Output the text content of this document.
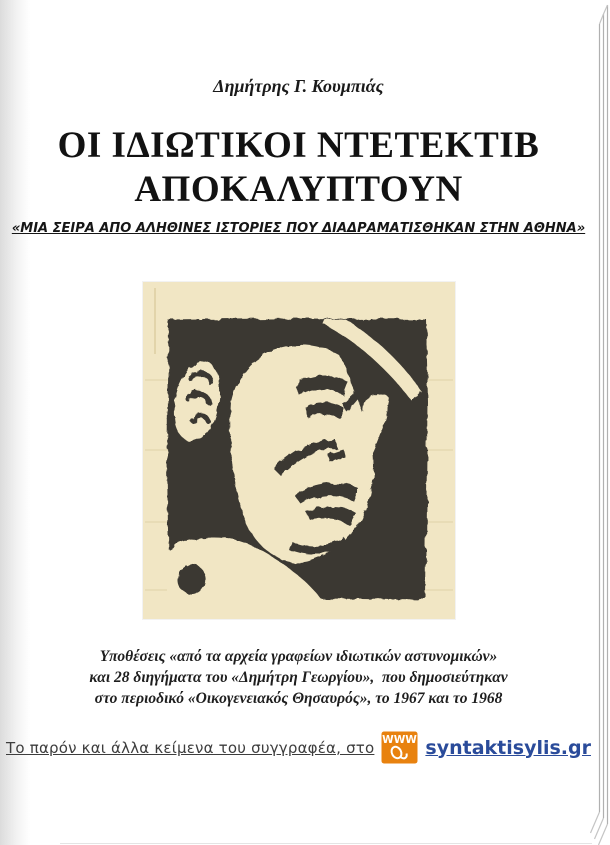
Δημήτρης Γ. Κουμπιάς
ΟΙ ΙΔΙΩΤΙΚΟΙ ΝΤΕΤΕΚΤΙΒ
ΑΠΟΚΑΛΥΠΤΟΥΝ
«ΜΙΑ ΣΕΙΡΑ ΑΠΟ ΑΛΗΘΙΝΕΣ ΙΣΤΟΡΙΕΣ ΠΟΥ ΔΙΑΔΡΑΜΑΤΙΣΘΗΚΑΝ ΣΤΗΝ ΑΘΗΝΑ»
Υποθέσεις «από τα αρχεία γραφείων ιδιωτικών αστυνομικών»
και 28 διηγήματα του «Δημήτρη Γεωργίου»,  που δημοσιεύτηκαν
στο περιοδικό «Οικογενειακός Θησαυρός», το 1967 και το 1968
Το παρόν και άλλα κείμενα του συγγραφέα, στο WWW syntaktisylis.gr
